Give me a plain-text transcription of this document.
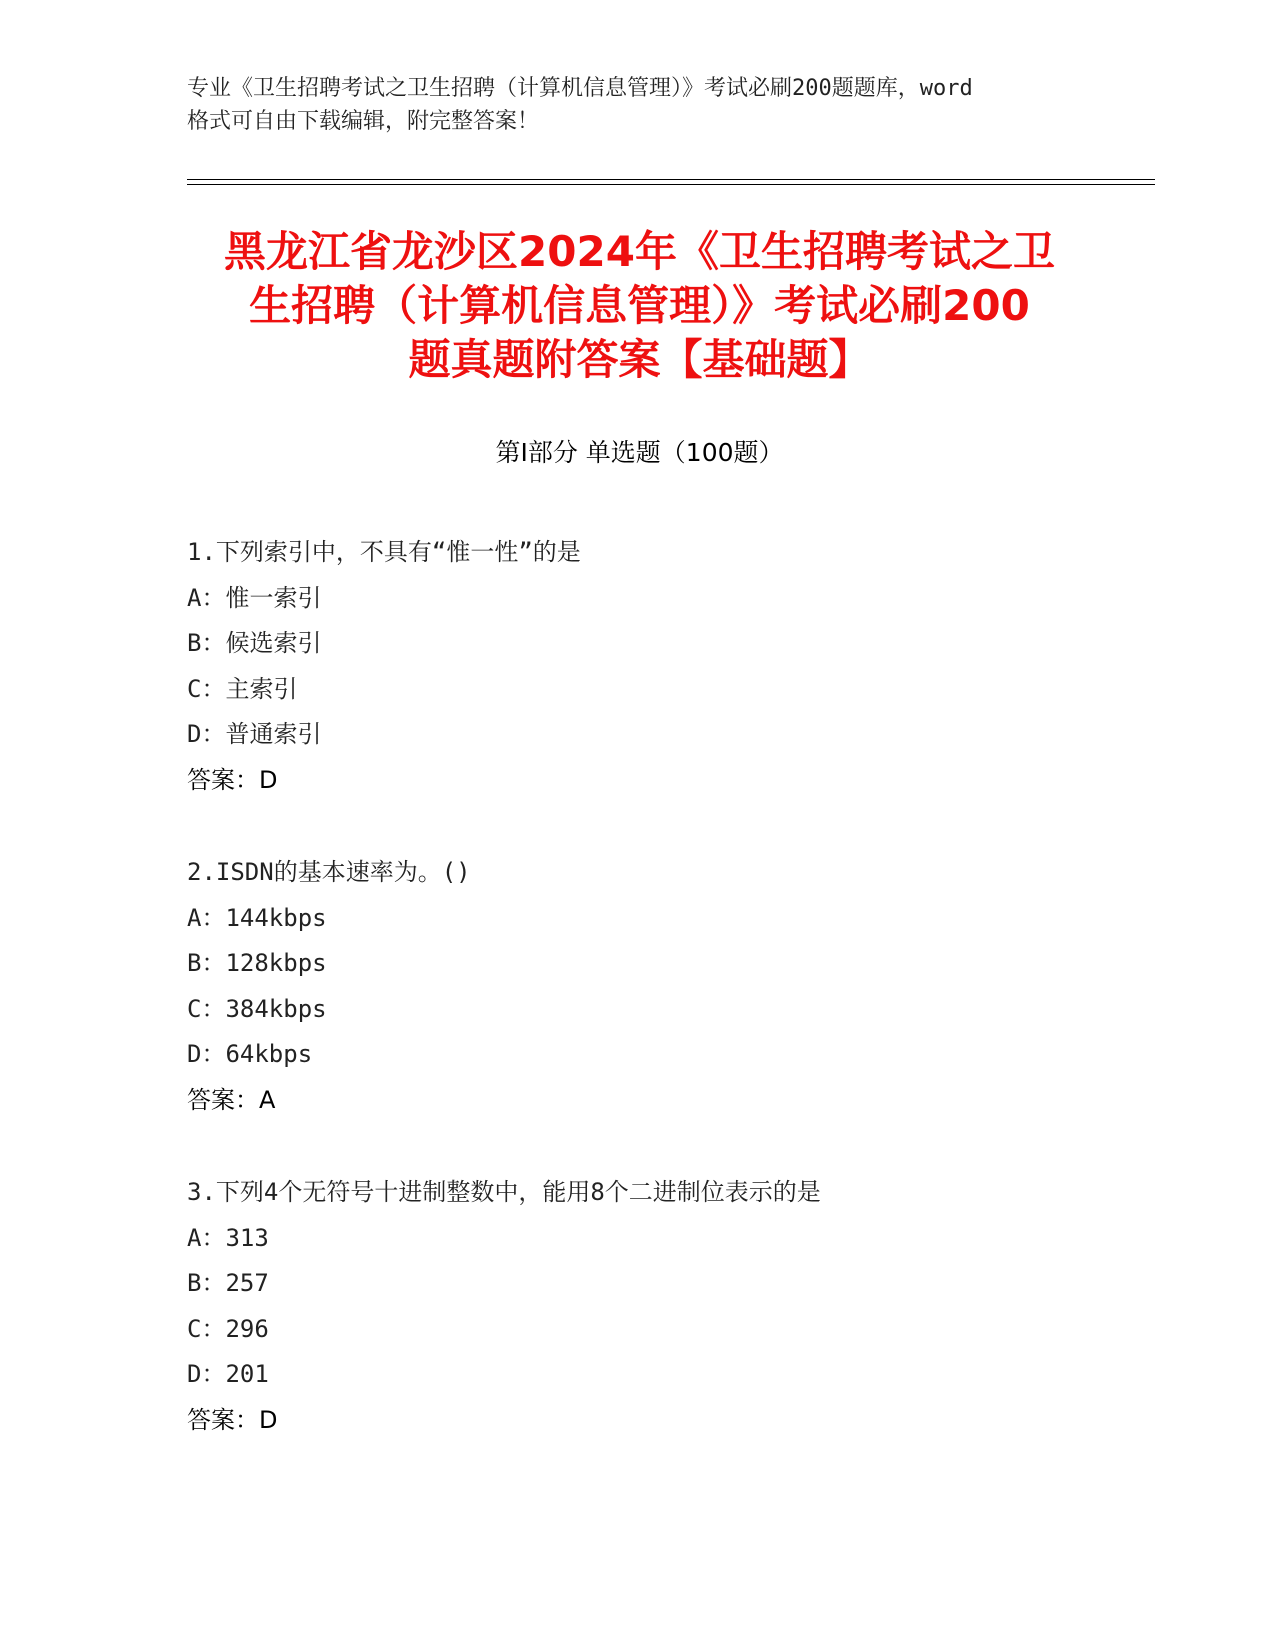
专业《卫生招聘考试之卫生招聘（计算机信息管理）》考试必刷200题题库，word
格式可自由下载编辑，附完整答案！
黑龙江省龙沙区2024年《卫生招聘考试之卫
生招聘（计算机信息管理）》考试必刷200
题真题附答案【基础题】
第I部分 单选题（100题）
1.下列索引中，不具有“惟一性”的是
A：惟一索引
B：候选索引
C：主索引
D：普通索引
答案：D
2.ISDN的基本速率为。()
A：144kbps
B：128kbps
C：384kbps
D：64kbps
答案：A
3.下列4个无符号十进制整数中，能用8个二进制位表示的是
A：313
B：257
C：296
D：201
答案：D
